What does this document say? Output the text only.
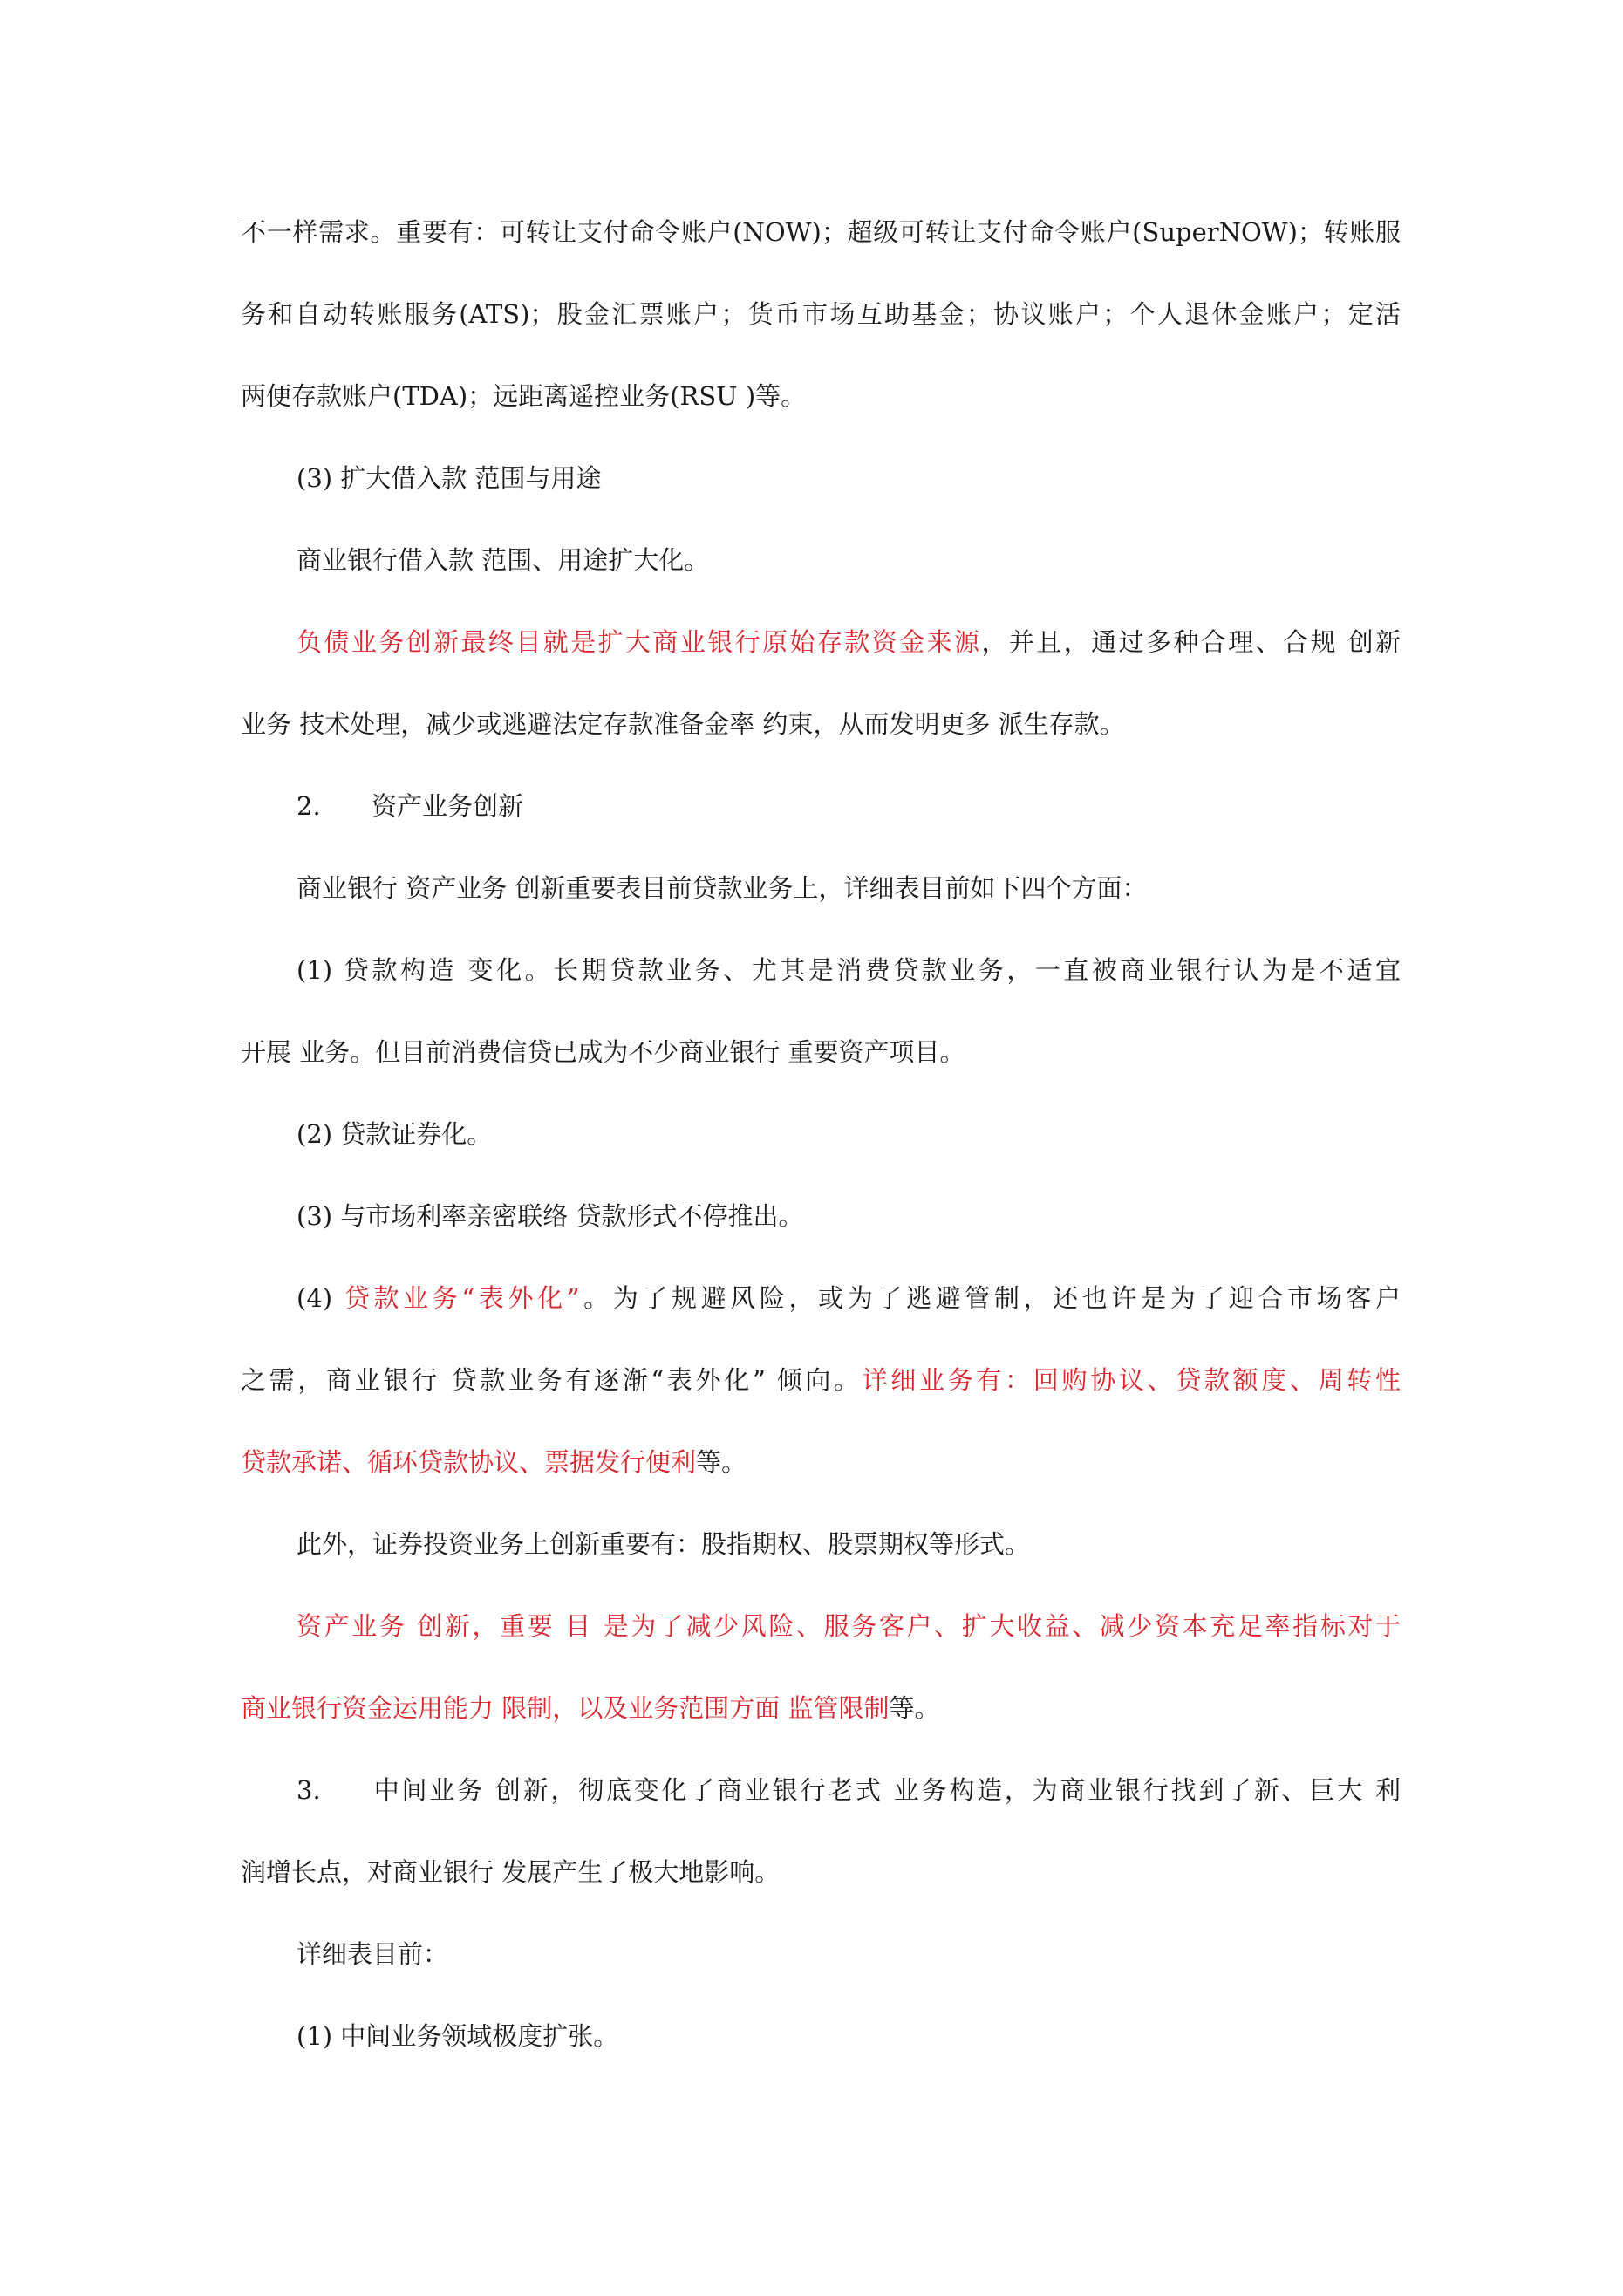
不一样需求。重要有：可转让支付命令账户(NOW)；超级可转让支付命令账户(SuperNOW)；转账服
务和自动转账服务(ATS)；股金汇票账户；货币市场互助基金；协议账户；个人退休金账户；定活
两便存款账户(TDA)；远距离遥控业务(RSU )等。
(3) 扩大借入款 范围与用途
商业银行借入款 范围、用途扩大化。
负债业务创新最终目就是扩大商业银行原始存款资金来源，并且，通过多种合理、合规 创新
业务 技术处理，减少或逃避法定存款准备金率 约束，从而发明更多 派生存款。
2. 资产业务创新
商业银行 资产业务 创新重要表目前贷款业务上，详细表目前如下四个方面：
(1) 贷款构造 变化。长期贷款业务、尤其是消费贷款业务，一直被商业银行认为是不适宜
开展 业务。但目前消费信贷已成为不少商业银行 重要资产项目。
(2) 贷款证券化。
(3) 与市场利率亲密联络 贷款形式不停推出。
(4) 贷款业务“表外化”。为了规避风险，或为了逃避管制，还也许是为了迎合市场客户
之需，商业银行 贷款业务有逐渐“表外化” 倾向。详细业务有：回购协议、贷款额度、周转性
贷款承诺、循环贷款协议、票据发行便利等。
此外，证券投资业务上创新重要有：股指期权、股票期权等形式。
资产业务 创新，重要 目 是为了减少风险、服务客户、扩大收益、减少资本充足率指标对于
商业银行资金运用能力 限制，以及业务范围方面 监管限制等。
3. 中间业务 创新，彻底变化了商业银行老式 业务构造，为商业银行找到了新、巨大 利
润增长点，对商业银行 发展产生了极大地影响。
详细表目前：
(1) 中间业务领域极度扩张。
